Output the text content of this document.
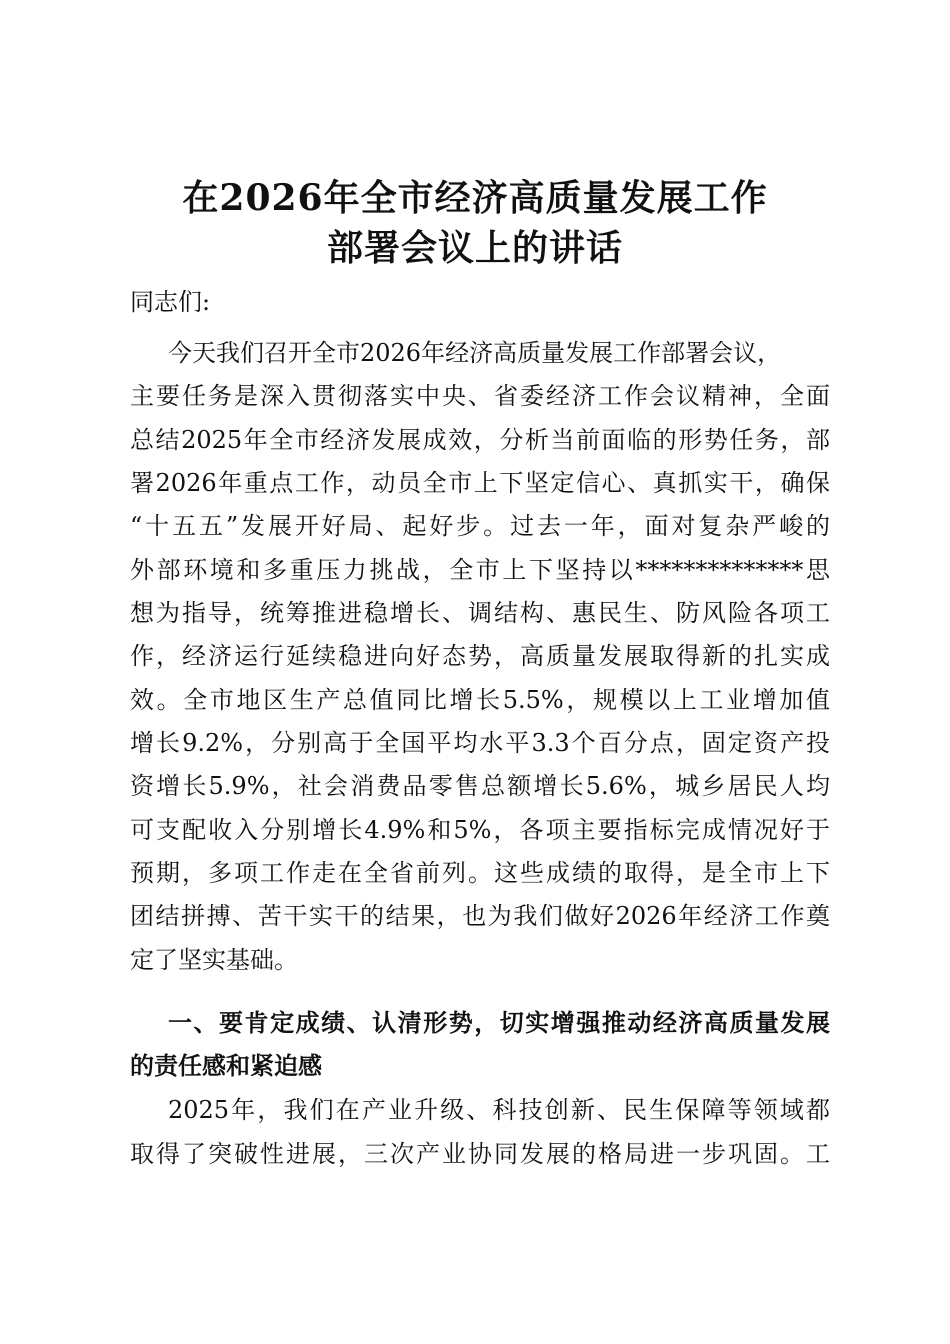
在2026年全市经济高质量发展工作
部署会议上的讲话
同志们:
今天我们召开全市2026年经济高质量发展工作部署会议，
主要任务是深入贯彻落实中央、省委经济工作会议精神，全面
总结2025年全市经济发展成效，分析当前面临的形势任务，部
署2026年重点工作，动员全市上下坚定信心、真抓实干，确保
“十五五”发展开好局、起好步。过去一年，面对复杂严峻的
外部环境和多重压力挑战，全市上下坚持以**************思
想为指导，统筹推进稳增长、调结构、惠民生、防风险各项工
作，经济运行延续稳进向好态势，高质量发展取得新的扎实成
效。全市地区生产总值同比增长5.5%，规模以上工业增加值
增长9.2%，分别高于全国平均水平3.3个百分点，固定资产投
资增长5.9%，社会消费品零售总额增长5.6%，城乡居民人均
可支配收入分别增长4.9%和5%，各项主要指标完成情况好于
预期，多项工作走在全省前列。这些成绩的取得，是全市上下
团结拼搏、苦干实干的结果，也为我们做好2026年经济工作奠
定了坚实基础。
一、要肯定成绩、认清形势，切实增强推动经济高质量发展
的责任感和紧迫感
2025年，我们在产业升级、科技创新、民生保障等领域都
取得了突破性进展，三次产业协同发展的格局进一步巩固。工
